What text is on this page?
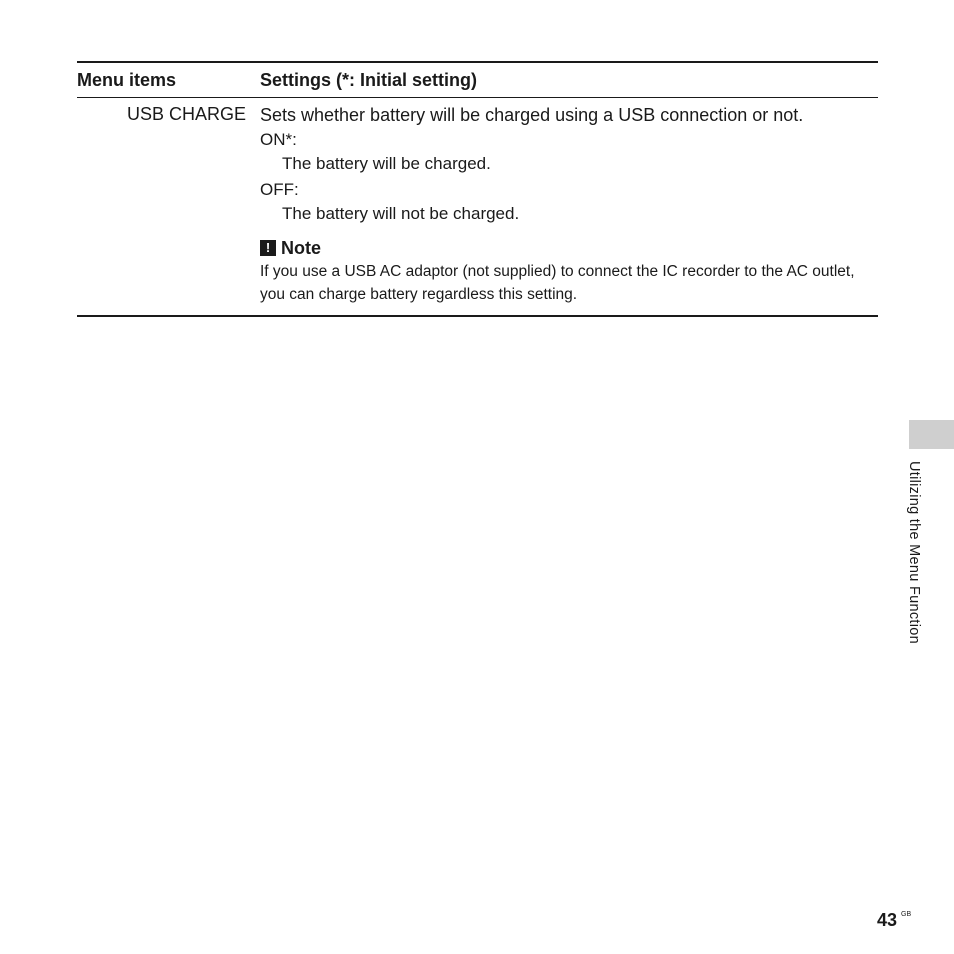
Menu items	Settings (*: Initial setting)
USB CHARGE Sets whether battery will be charged using a USB connection or not.
ON*:
The battery will be charged.
OFF:
The battery will not be charged.
! Note
If you use a USB AC adaptor (not supplied) to connect the IC recorder to the AC outlet, you can charge battery regardless this setting.
Utilizing the Menu Function
43 GB
